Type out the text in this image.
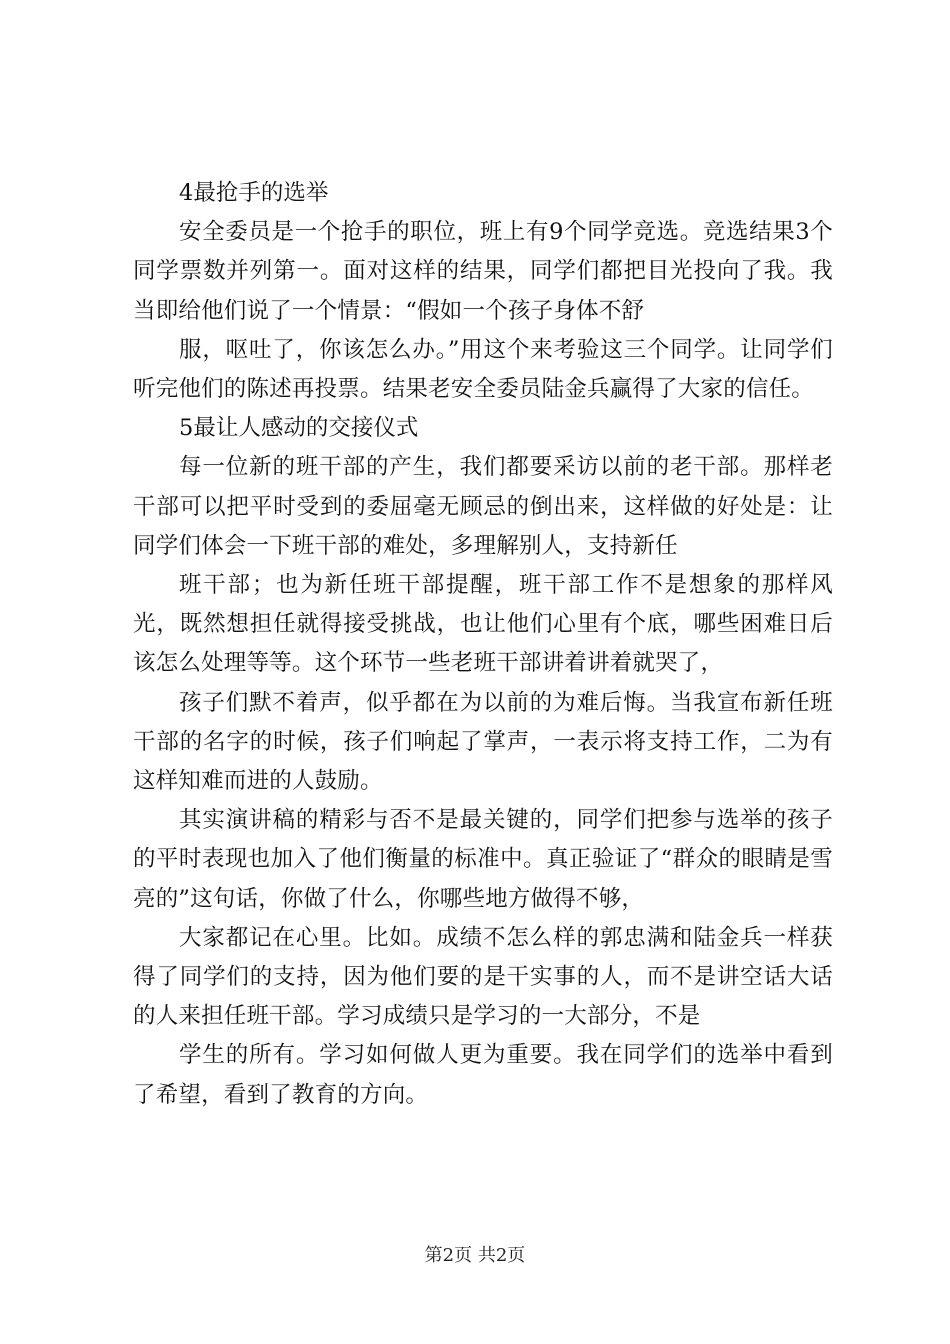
4最抢手的选举

安全委员是一个抢手的职位，班上有9个同学竞选。竞选结果3个同学票数并列第一。面对这样的结果，同学们都把目光投向了我。我当即给他们说了一个情景：“假如一个孩子身体不舒

服，呕吐了，你该怎么办。”用这个来考验这三个同学。让同学们听完他们的陈述再投票。结果老安全委员陆金兵赢得了大家的信任。

5最让人感动的交接仪式

每一位新的班干部的产生，我们都要采访以前的老干部。那样老干部可以把平时受到的委屈毫无顾忌的倒出来，这样做的好处是：让同学们体会一下班干部的难处，多理解别人，支持新任

班干部；也为新任班干部提醒，班干部工作不是想象的那样风光，既然想担任就得接受挑战，也让他们心里有个底，哪些困难日后该怎么处理等等。这个环节一些老班干部讲着讲着就哭了，

孩子们默不着声，似乎都在为以前的为难后悔。当我宣布新任班干部的名字的时候，孩子们响起了掌声，一表示将支持工作，二为有这样知难而进的人鼓励。

其实演讲稿的精彩与否不是最关键的，同学们把参与选举的孩子的平时表现也加入了他们衡量的标准中。真正验证了“群众的眼睛是雪亮的”这句话，你做了什么，你哪些地方做得不够，

大家都记在心里。比如。成绩不怎么样的郭忠满和陆金兵一样获得了同学们的支持，因为他们要的是干实事的人，而不是讲空话大话的人来担任班干部。学习成绩只是学习的一大部分，不是

学生的所有。学习如何做人更为重要。我在同学们的选举中看到了希望，看到了教育的方向。

第2页 共2页
